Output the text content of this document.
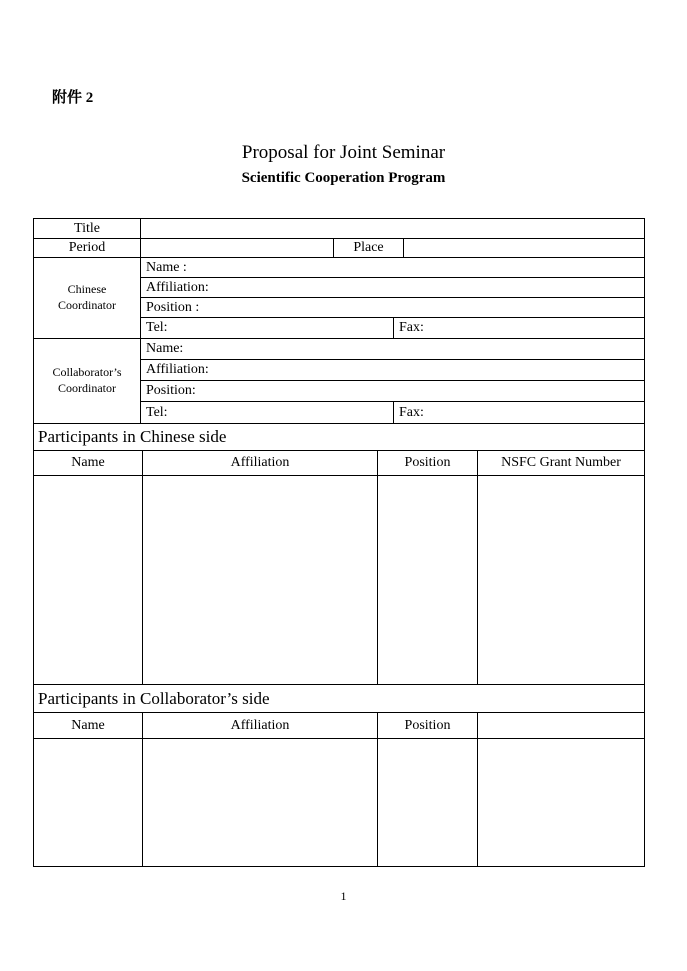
附件 2
Proposal for Joint Seminar
Scientific Cooperation Program
Title
Period	Place
Chinese Coordinator
Name :
Affiliation:
Position :
Tel:	Fax:
Collaborator’s Coordinator
Name:
Affiliation:
Position:
Tel:	Fax:
Participants in Chinese side
Name	Affiliation	Position	NSFC Grant Number
Participants in Collaborator’s side
Name	Affiliation	Position
1
